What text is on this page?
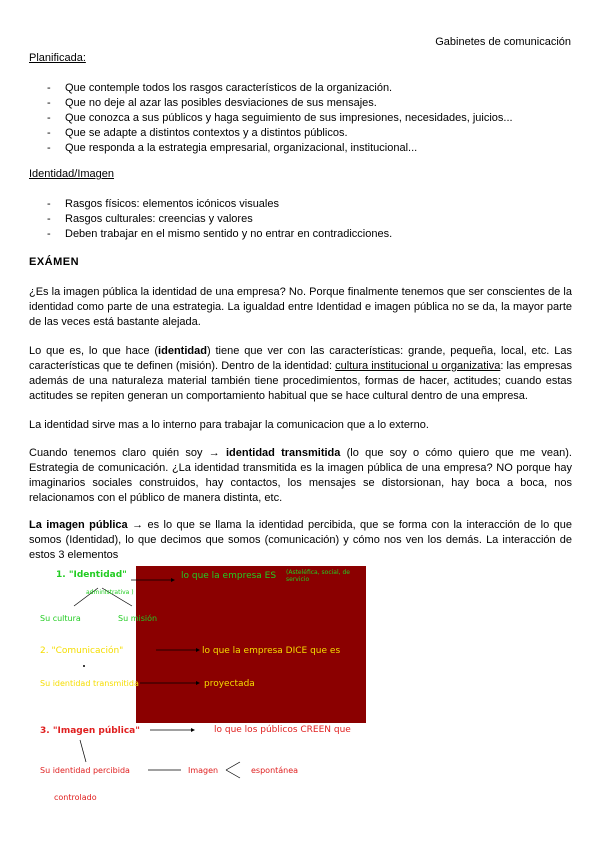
Gabinetes de comunicación
Planificada:
- Que contemple todos los rasgos característicos de la organización.
- Que no deje al azar las posibles desviaciones de sus mensajes.
- Que conozca a sus públicos y haga seguimiento de sus impresiones, necesidades, juicios...
- Que se adapte a distintos contextos y a distintos públicos.
- Que responda a la estrategia empresarial, organizacional, institucional...
Identidad/Imagen
- Rasgos físicos: elementos icónicos visuales
- Rasgos culturales: creencias y valores
- Deben trabajar en el mismo sentido y no entrar en contradicciones.
EXÁMEN
¿Es la imagen pública la identidad de una empresa? No. Porque finalmente tenemos que ser conscientes de la identidad como parte de una estrategia. La igualdad entre Identidad e imagen pública no se da, la mayor parte de las veces está bastante alejada.
Lo que es, lo que hace (identidad) tiene que ver con las características: grande, pequeña, local, etc. Las características que te definen (misión). Dentro de la identidad: cultura institucional u organizativa: las empresas además de una naturaleza material también tiene procedimientos, formas de hacer, actitudes; cuando estas actitudes se repiten generan un comportamiento habitual que se hace cultural dentro de una empresa.
La identidad sirve mas a lo interno para trabajar la comunicacion que a lo externo.
Cuando tenemos claro quién soy → identidad transmitida (lo que soy o cómo quiero que me vean). Estrategia de comunicación. ¿La identidad transmitida es la imagen pública de una empresa? NO porque hay imaginarios sociales construidos, hay contactos, los mensajes se distorsionan, hay boca a boca, nos relacionamos con el público de manera distinta, etc.
La imagen pública → es lo que se llama la identidad percibida, que se forma con la interacción de lo que somos (Identidad), lo que decimos que somos (comunicación) y cómo nos ven los demás. La interacción de estos 3 elementos
1. "Identidad"	lo que la empresa ES (Asteléfica, social, de servicio
administrativa )
Su cultura	Su misión
2. "Comunicación"	lo que la empresa DICE que es
Su identidad transmitida	proyectada
3. "Imagen pública"	lo que los públicos CREEN que
Su identidad percibida	Imagen	espontánea
controlado
